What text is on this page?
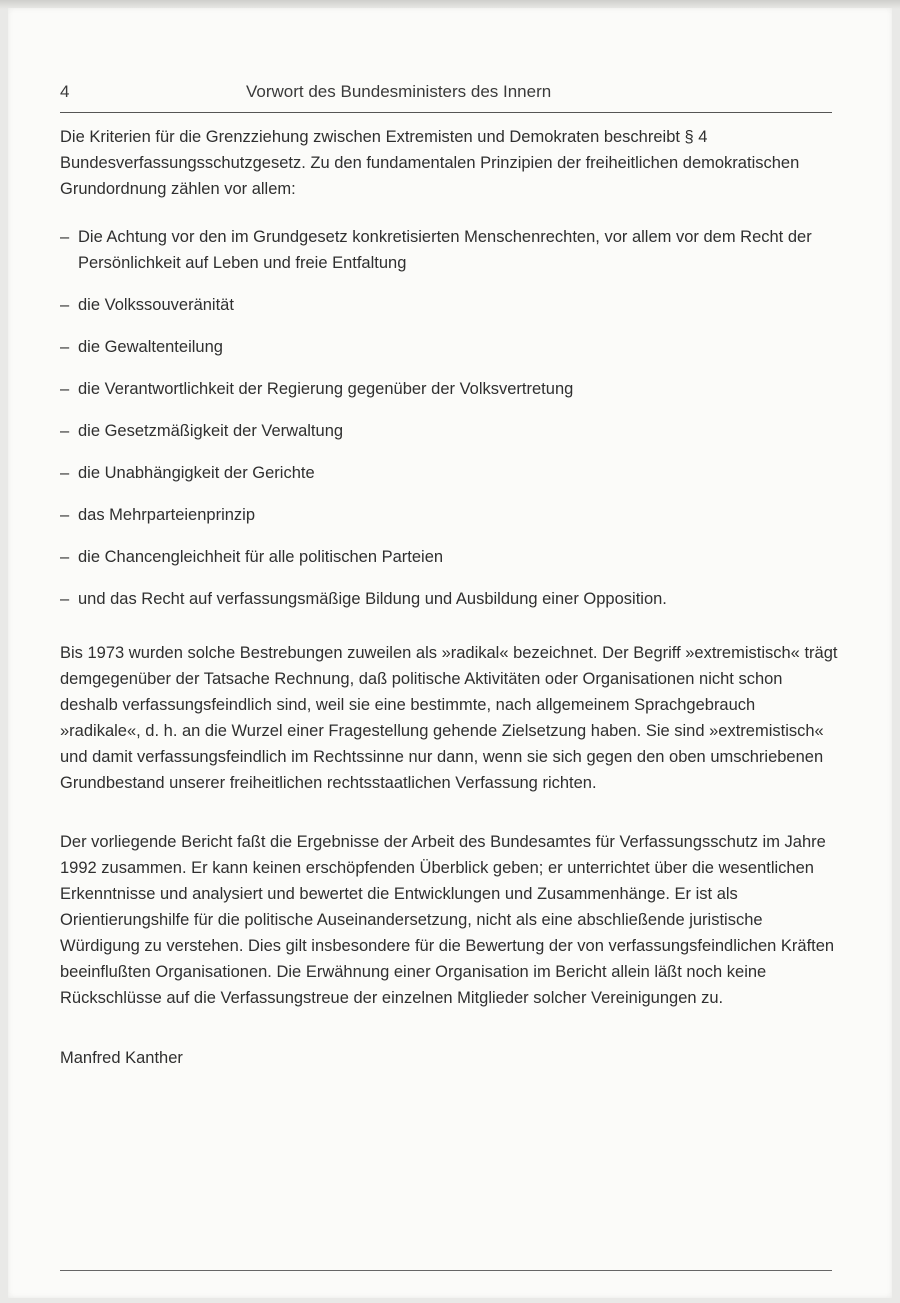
4	Vorwort des Bundesministers des Innern

Die Kriterien für die Grenzziehung zwischen Extremisten und Demokraten beschreibt § 4 Bundesverfassungsschutzgesetz. Zu den fundamentalen Prinzipien der freiheitlichen demokratischen Grundordnung zählen vor allem:

– Die Achtung vor den im Grundgesetz konkretisierten Menschenrechten, vor allem vor dem Recht der Persönlichkeit auf Leben und freie Entfaltung
– die Volkssouveränität
– die Gewaltenteilung
– die Verantwortlichkeit der Regierung gegenüber der Volksvertretung
– die Gesetzmäßigkeit der Verwaltung
– die Unabhängigkeit der Gerichte
– das Mehrparteienprinzip
– die Chancengleichheit für alle politischen Parteien
– und das Recht auf verfassungsmäßige Bildung und Ausbildung einer Opposition.

Bis 1973 wurden solche Bestrebungen zuweilen als »radikal« bezeichnet. Der Begriff »extremistisch« trägt demgegenüber der Tatsache Rechnung, daß politische Aktivitäten oder Organisationen nicht schon deshalb verfassungsfeindlich sind, weil sie eine bestimmte, nach allgemeinem Sprachgebrauch »radikale«, d. h. an die Wurzel einer Fragestellung gehende Zielsetzung haben. Sie sind »extremistisch« und damit verfassungsfeindlich im Rechtssinne nur dann, wenn sie sich gegen den oben umschriebenen Grundbestand unserer freiheitlichen rechtsstaatlichen Verfassung richten.

Der vorliegende Bericht faßt die Ergebnisse der Arbeit des Bundesamtes für Verfassungsschutz im Jahre 1992 zusammen. Er kann keinen erschöpfenden Überblick geben; er unterrichtet über die wesentlichen Erkenntnisse und analysiert und bewertet die Entwicklungen und Zusammenhänge. Er ist als Orientierungshilfe für die politische Auseinandersetzung, nicht als eine abschließende juristische Würdigung zu verstehen. Dies gilt insbesondere für die Bewertung der von verfassungsfeindlichen Kräften beeinflußten Organisationen. Die Erwähnung einer Organisation im Bericht allein läßt noch keine Rückschlüsse auf die Verfassungstreue der einzelnen Mitglieder solcher Vereinigungen zu.

Manfred Kanther
